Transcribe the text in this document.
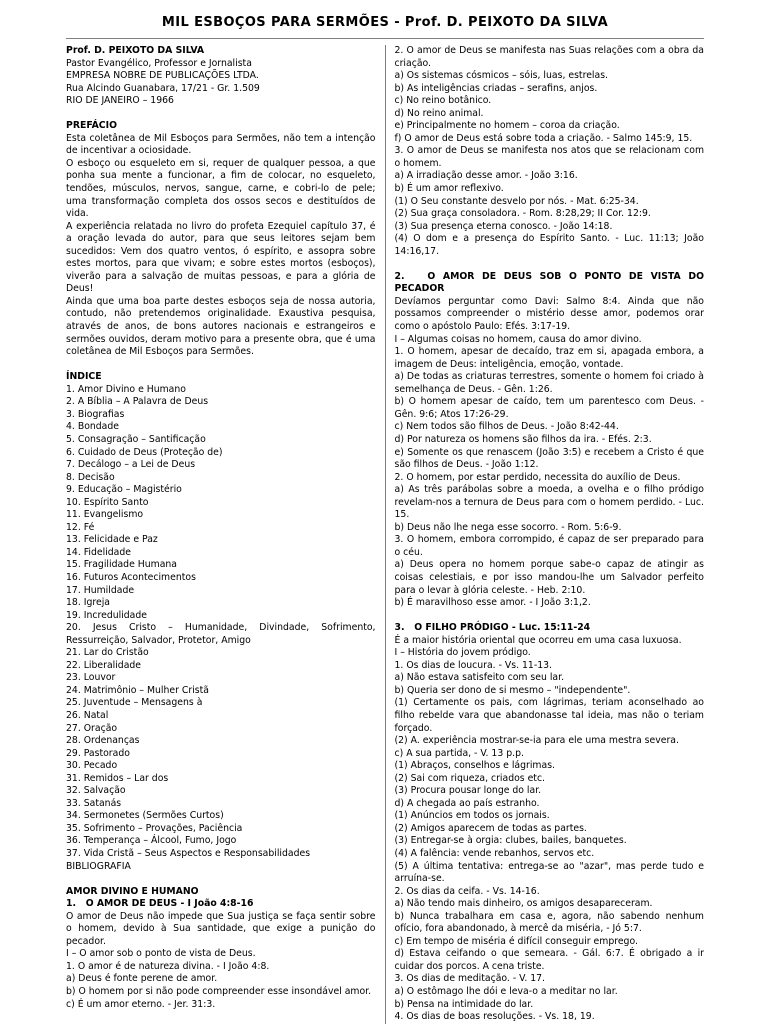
MIL ESBOÇOS PARA SERMÕES - Prof. D. PEIXOTO DA SILVA

Prof. D. PEIXOTO DA SILVA

Pastor Evangélico, Professor e Jornalista

EMPRESA NOBRE DE PUBLICAÇÕES LTDA.

Rua Alcindo Guanabara, 17/21 - Gr. 1.509

RIO DE JANEIRO – 1966

PREFÁCIO

Esta coletânea de Mil Esboços para Sermões, não tem a intenção de incentivar a ociosidade.

O esboço ou esqueleto em si, requer de qualquer pessoa, a que ponha sua mente a funcionar, a fim de colocar, no esqueleto, tendões, músculos, nervos, sangue, carne, e cobri-lo de pele; uma transformação completa dos ossos secos e destituídos de vida.

A experiência relatada no livro do profeta Ezequiel capítulo 37, é a oração levada do autor, para que seus leitores sejam bem sucedidos: Vem dos quatro ventos, ó espírito, e assopra sobre estes mortos, para que vivam; e sobre estes mortos (esboços), viverão para a salvação de muitas pessoas, e para a glória de Deus!

Ainda que uma boa parte destes esboços seja de nossa autoria, contudo, não pretendemos originalidade. Exaustiva pesquisa, através de anos, de bons autores nacionais e estrangeiros e sermões ouvidos, deram motivo para a presente obra, que é uma coletânea de Mil Esboços para Sermões.

ÍNDICE

1. Amor Divino e Humano

2. A Bíblia – A Palavra de Deus

3. Biografias

4. Bondade

5. Consagração – Santificação

6. Cuidado de Deus (Proteção de)

7. Decálogo – a Lei de Deus

8. Decisão

9. Educação – Magistério

10. Espírito Santo

11. Evangelismo

12. Fé

13. Felicidade e Paz

14. Fidelidade

15. Fragilidade Humana

16. Futuros Acontecimentos

17. Humildade

18. Igreja

19. Incredulidade

20. Jesus Cristo – Humanidade, Divindade, Sofrimento, Ressurreição, Salvador, Protetor, Amigo

21. Lar do Cristão

22. Liberalidade

23. Louvor

24. Matrimônio – Mulher Cristã

25. Juventude – Mensagens à

26. Natal

27. Oração

28. Ordenanças

29. Pastorado

30. Pecado

31. Remidos – Lar dos

32. Salvação

33. Satanás

34. Sermonetes (Sermões Curtos)

35. Sofrimento – Provações, Paciência

36. Temperança – Álcool, Fumo, Jogo

37. Vida Cristã – Seus Aspectos e Responsabilidades

BIBLIOGRAFIA

AMOR DIVINO E HUMANO

1.   O AMOR DE DEUS - I João 4:8-16

O amor de Deus não impede que Sua justiça se faça sentir sobre o homem, devido à Sua santidade, que exige a punição do pecador.

I – O amor sob o ponto de vista de Deus.

1. O amor é de natureza divina. - I João 4:8.

a) Deus é fonte perene de amor.

b) O homem por si não pode compreender esse insondável amor.

c) É um amor eterno. - Jer. 31:3.

2. O amor de Deus se manifesta nas Suas relações com a obra da criação.

a) Os sistemas cósmicos – sóis, luas, estrelas.

b) As inteligências criadas – serafins, anjos.

c) No reino botânico.

d) No reino animal.

e) Principalmente no homem – coroa da criação.

f) O amor de Deus está sobre toda a criação. - Salmo 145:9, 15.

3. O amor de Deus se manifesta nos atos que se relacionam com o homem.

a) A irradiação desse amor. - João 3:16.

b) É um amor reflexivo.

(1) O Seu constante desvelo por nós. - Mat. 6:25-34.

(2) Sua graça consoladora. - Rom. 8:28,29; II Cor. 12:9.

(3) Sua presença eterna conosco. - João 14:18.

(4) O dom e a presença do Espírito Santo. - Luc. 11:13; João 14:16,17.

2.   O AMOR DE DEUS SOB O PONTO DE VISTA DO PECADOR

Devíamos perguntar como Davi: Salmo 8:4. Ainda que não possamos compreender o mistério desse amor, podemos orar como o apóstolo Paulo: Efés. 3:17-19.

I – Algumas coisas no homem, causa do amor divino.

1. O homem, apesar de decaído, traz em si, apagada embora, a imagem de Deus: inteligência, emoção, vontade.

a) De todas as criaturas terrestres, somente o homem foi criado à semelhança de Deus. - Gên. 1:26.

b) O homem apesar de caído, tem um parentesco com Deus. - Gên. 9:6; Atos 17:26-29.

c) Nem todos são filhos de Deus. - João 8:42-44.

d) Por natureza os homens são filhos da ira. - Efés. 2:3.

e) Somente os que renascem (João 3:5) e recebem a Cristo é que são filhos de Deus. - João 1:12.

2. O homem, por estar perdido, necessita do auxílio de Deus.

a) As três parábolas sobre a moeda, a ovelha e o filho pródigo revelam-nos a ternura de Deus para com o homem perdido. - Luc. 15.

b) Deus não lhe nega esse socorro. - Rom. 5:6-9.

3. O homem, embora corrompido, é capaz de ser preparado para o céu.

a) Deus opera no homem porque sabe-o capaz de atingir as coisas celestiais, e por isso mandou-lhe um Salvador perfeito para o levar à glória celeste. - Heb. 2:10.

b) É maravilhoso esse amor. - I João 3:1,2.

3.   O FILHO PRÓDIGO - Luc. 15:11-24

É a maior história oriental que ocorreu em uma casa luxuosa.

I – História do jovem pródigo.

1. Os dias de loucura. - Vs. 11-13.

a) Não estava satisfeito com seu lar.

b) Queria ser dono de si mesmo – "independente".

(1) Certamente os pais, com lágrimas, teriam aconselhado ao filho rebelde vara que abandonasse tal ideia, mas não o teriam forçado.

(2) A. experiência mostrar-se-ia para ele uma mestra severa.

c) A sua partida, - V. 13 p.p.

(1) Abraços, conselhos e lágrimas.

(2) Sai com riqueza, criados etc.

(3) Procura pousar longe do lar.

d) A chegada ao país estranho.

(1) Anúncios em todos os jornais.

(2) Amigos aparecem de todas as partes.

(3) Entregar-se à orgia: clubes, bailes, banquetes.

(4) A falência: vende rebanhos, servos etc.

(5) A última tentativa: entrega-se ao "azar", mas perde tudo e arruína-se.

2. Os dias da ceifa. - Vs. 14-16.

a) Não tendo mais dinheiro, os amigos desapareceram.

b) Nunca trabalhara em casa e, agora, não sabendo nenhum ofício, fora abandonado, à mercê da miséria, - Jó 5:7.

c) Em tempo de miséria é difícil conseguir emprego.

d) Estava ceifando o que semeara. - Gál. 6:7. É obrigado a ir cuidar dos porcos. A cena triste.

3. Os dias de meditação. - V. 17.

a) O estômago lhe dói e leva-o a meditar no lar.

b) Pensa na intimidade do lar.

4. Os dias de boas resoluções. - Vs. 18, 19.
